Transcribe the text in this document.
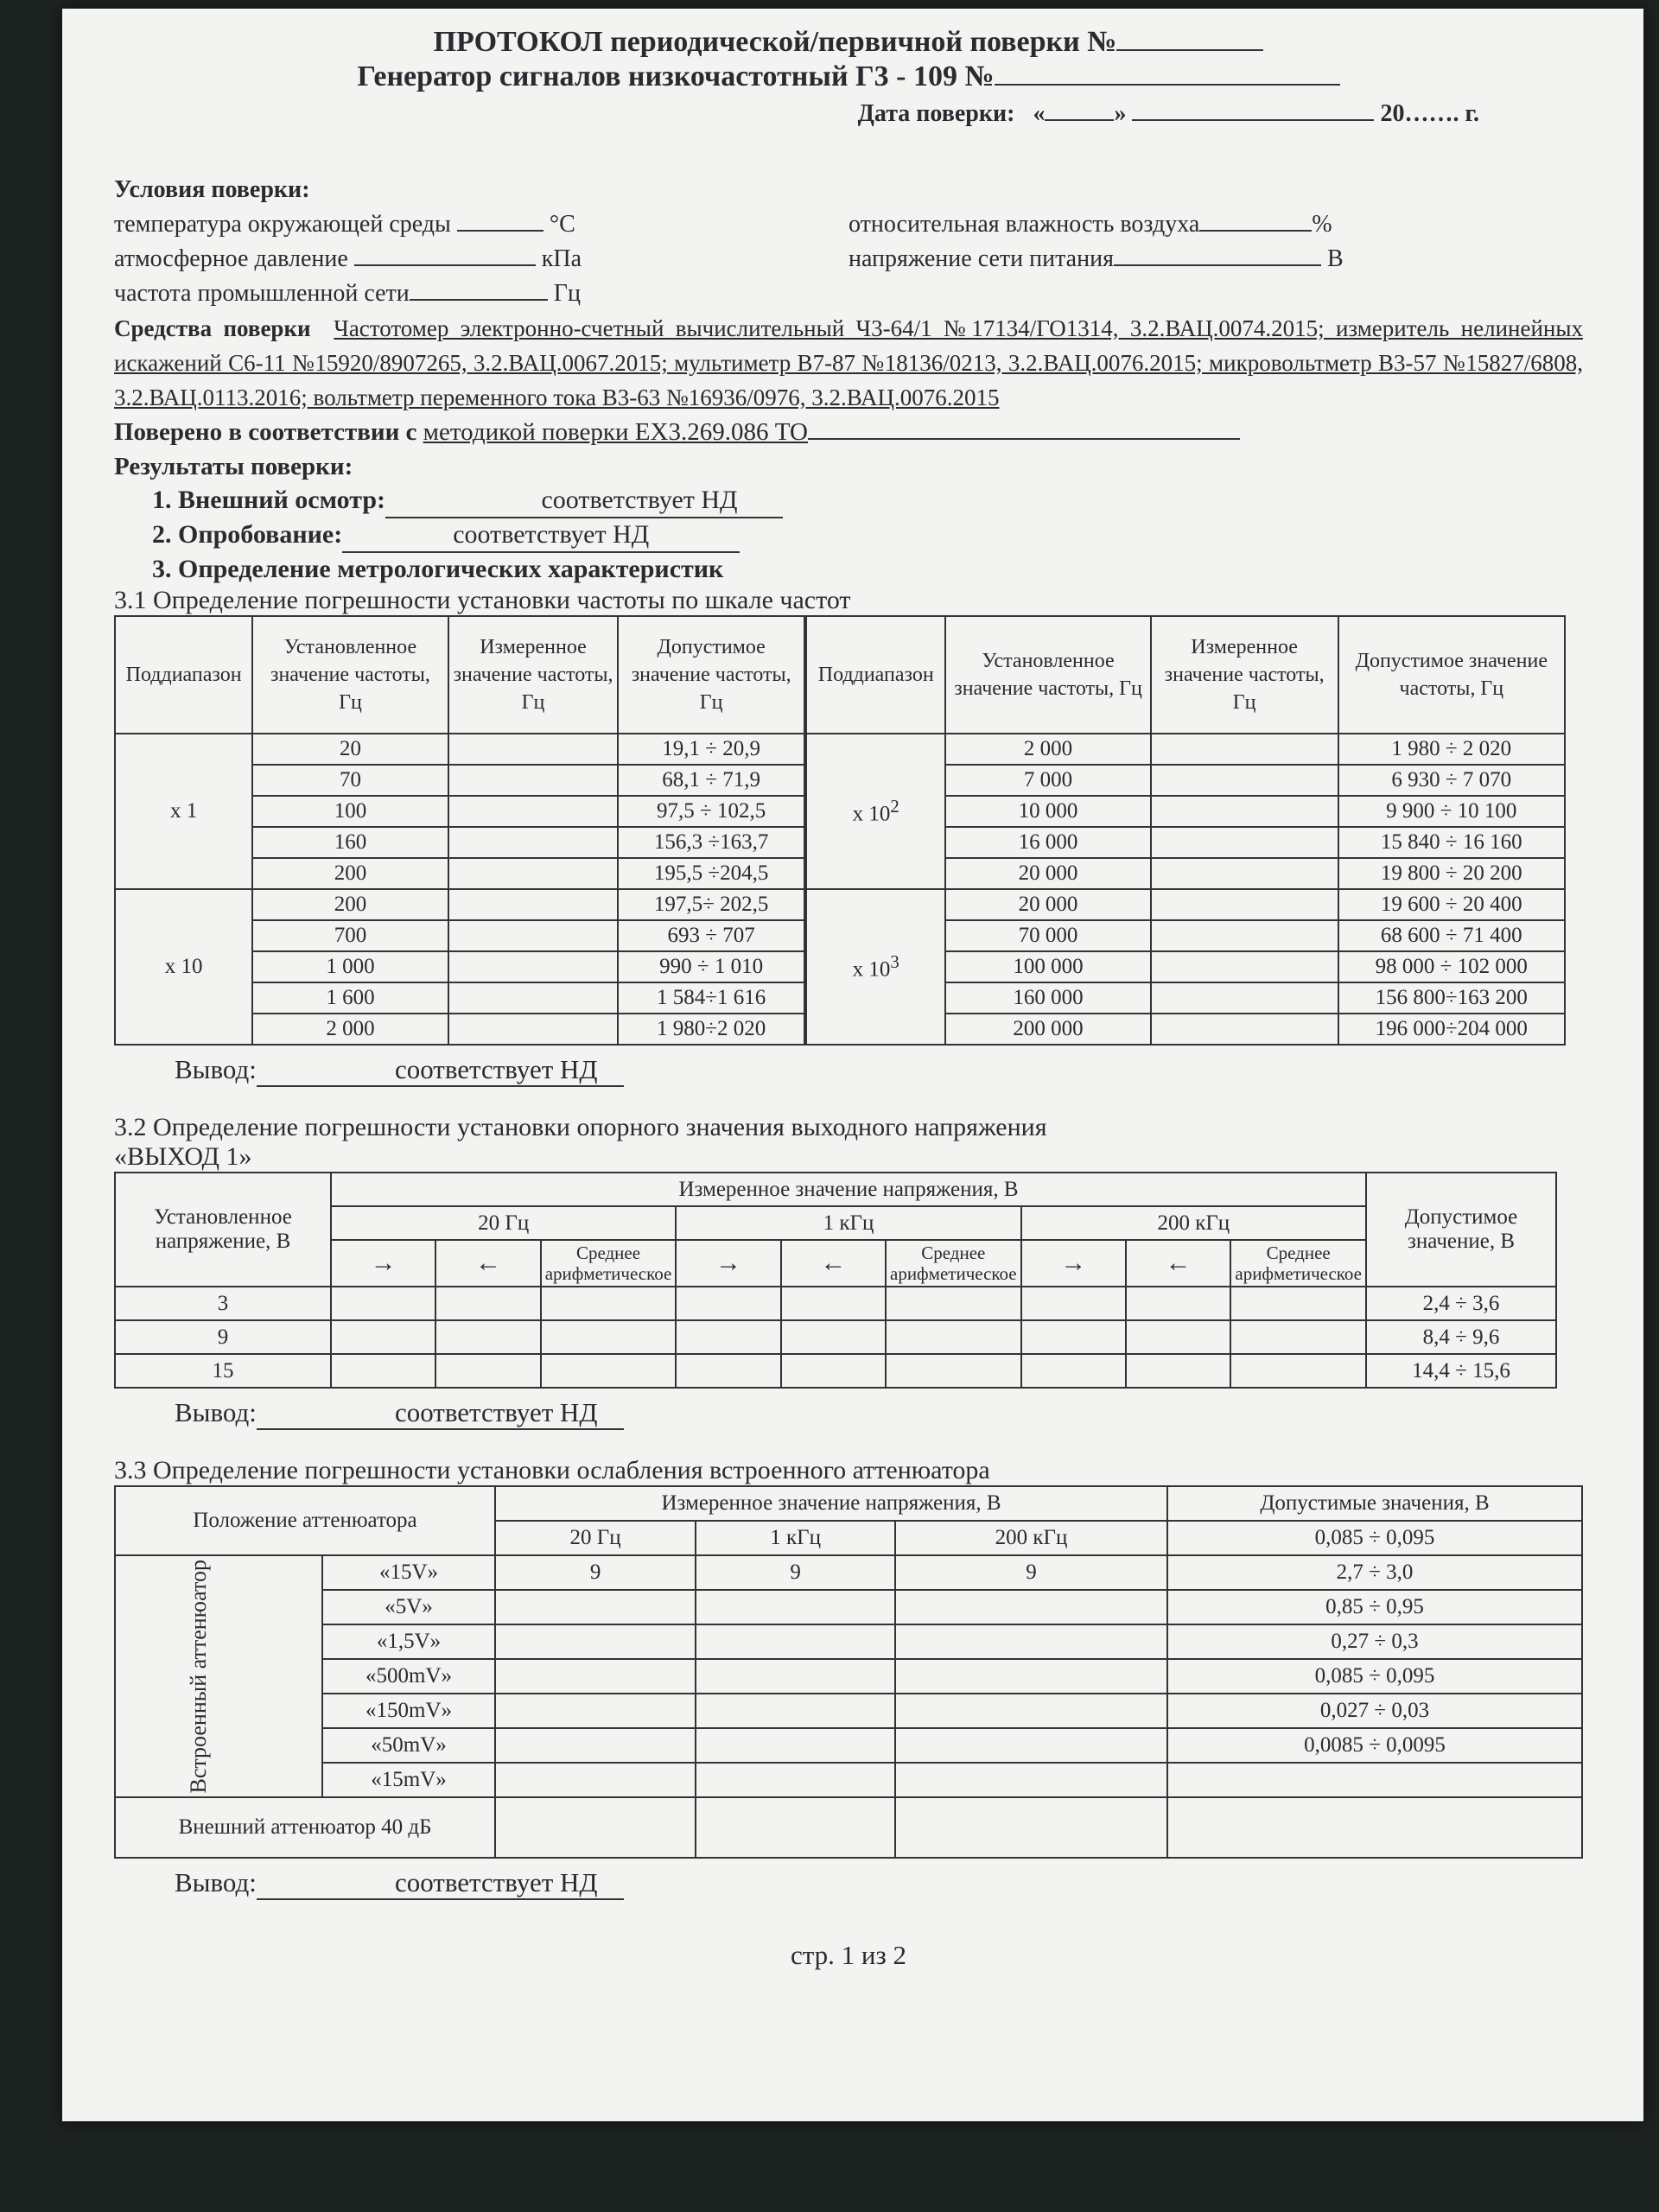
ПРОТОКОЛ периодической/первичной поверки №
Генератор сигналов низкочастотный Г3 - 109 №
Дата поверки: «	»	20……. г.
Условия поверки:
температура окружающей среды	°С	относительная влажность воздуха	%
атмосферное давление	кПа	напряжение сети питания	В
частота промышленной сети	Гц
Средства поверки Частотомер электронно-счетный вычислительный Ч3-64/1 №17134/ГО1314, 3.2.ВАЦ.0074.2015; измеритель нелинейных искажений С6-11 №15920/8907265, 3.2.ВАЦ.0067.2015; мультиметр В7-87 №18136/0213, 3.2.ВАЦ.0076.2015; микровольтметр В3-57 №15827/6808, 3.2.ВАЦ.0113.2016; вольтметр переменного тока В3-63 №16936/0976, 3.2.ВАЦ.0076.2015
Поверено в соответствии с методикой поверки ЕХ3.269.086 ТО
Результаты поверки:
1. Внешний осмотр:	соответствует НД
2. Опробование:	соответствует НД
3. Определение метрологических характеристик
3.1 Определение погрешности установки частоты по шкале частот
Поддиапазон	Установленное значение частоты, Гц	Измеренное значение частоты, Гц	Допустимое значение частоты, Гц
х 1	20		19,1 ÷ 20,9
	70		68,1 ÷ 71,9
	100		97,5 ÷ 102,5
	160		156,3 ÷163,7
	200		195,5 ÷204,5
х 10	200		197,5÷ 202,5
	700		693 ÷ 707
	1 000		990 ÷ 1 010
	1 600		1 584÷1 616
	2 000		1 980÷2 020
Поддиапазон	Установленное значение частоты, Гц	Измеренное значение частоты, Гц	Допустимое значение частоты, Гц
х $10^2$	2 000		1 980 ÷ 2 020
	7 000		6 930 ÷ 7 070
	10 000		9 900 ÷ 10 100
	16 000		15 840 ÷ 16 160
	20 000		19 800 ÷ 20 200
х $10^3$	20 000		19 600 ÷ 20 400
	70 000		68 600 ÷ 71 400
	100 000		98 000 ÷ 102 000
	160 000		156 800÷163 200
	200 000		196 000÷204 000
Вывод:	соответствует НД
3.2 Определение погрешности установки опорного значения выходного напряжения
«ВЫХОД 1»
Установленное напряжение, В	Измеренное значение напряжения, В									Допустимое значение, В
	20 Гц			1 кГц			200 кГц			
	→	←	Среднее арифметическое	→	←	Среднее арифметическое	→	←	Среднее арифметическое	
3										2,4 ÷ 3,6
9										8,4 ÷ 9,6
15										14,4 ÷ 15,6
Вывод:	соответствует НД
3.3 Определение погрешности установки ослабления встроенного аттенюатора
Положение аттенюатора		Измеренное значение напряжения, В			Допустимые значения, В
		20 Гц	1 кГц	200 кГц	0,085 ÷ 0,095

Встроенный аттенюатор	«15V»	9	9	9	2,7 ÷ 3,0
	«5V»				0,85 ÷ 0,95
	«1,5V»				0,27 ÷ 0,3
	«500mV»				0,085 ÷ 0,095
	«150mV»				0,027 ÷ 0,03
	«50mV»				0,0085 ÷ 0,0095
	«15mV»				
Внешний аттенюатор 40 дБ					
Вывод:	соответствует НД
стр. 1 из 2
